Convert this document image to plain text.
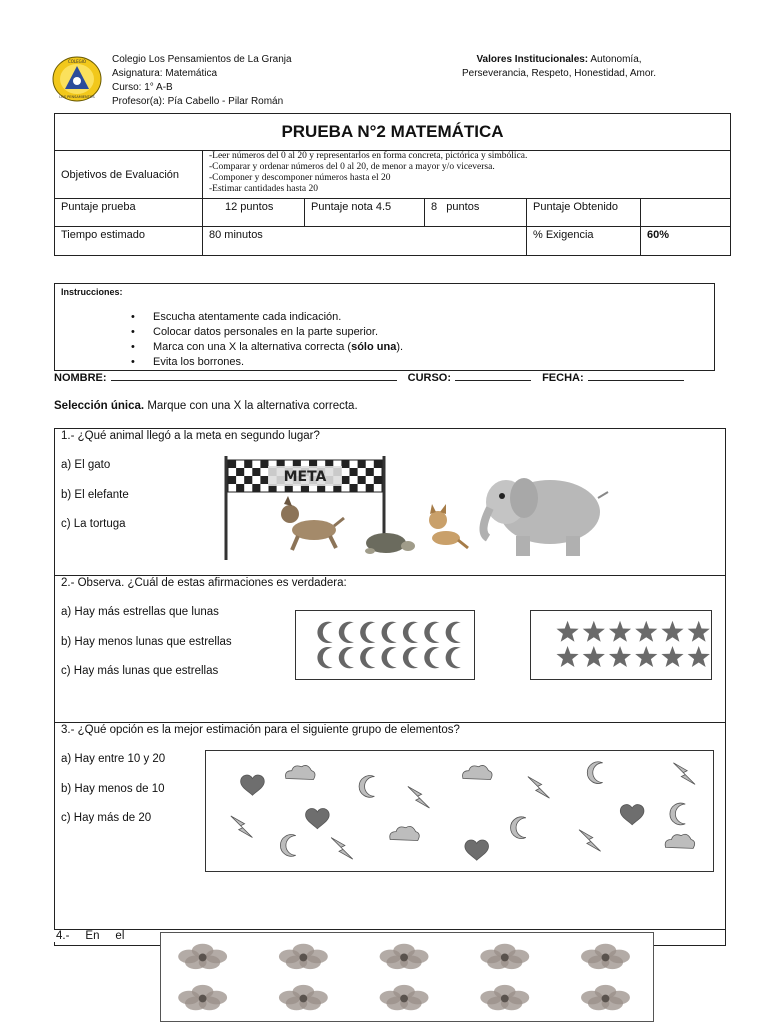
COLEGIO
LOS PENSAMIENTOS
Colegio Los Pensamientos de La Granja
Asignatura: Matemática
Curso: 1° A-B
Profesor(a): Pía Cabello - Pilar Román
Valores Institucionales: Autonomía,
Perseverancia, Respeto, Honestidad, Amor.
PRUEBA N°2 MATEMÁTICA					
Objetivos de Evaluación	-Leer números del 0 al 20 y representarlos en forma concreta, pictórica y simbólica.
-Comparar y ordenar números del 0 al 20, de menor a mayor y/o viceversa.
-Componer y descomponer números hasta el 20
-Estimar cantidades hasta 20				

Puntaje prueba	12 puntos	Puntaje nota 4.5	8   puntos	Puntaje Obtenido	
Tiempo estimado	80 minutos			% Exigencia	60%
Instrucciones:
• Escucha atentamente cada indicación.
• Colocar datos personales en la parte superior.
• Marca con una X la alternativa correcta (sólo una).
• Evita los borrones.
NOMBRE:	CURSO:	FECHA:
Selección única. Marque con una X la alternativa correcta.
1.- ¿Qué animal llegó a la meta en segundo lugar?
a) El gato
b) El elefante
c) La tortuga
META
2.- Observa. ¿Cuál de estas afirmaciones es verdadera:
a) Hay más estrellas que lunas
b) Hay menos lunas que estrellas
c) Hay más lunas que estrellas
3.- ¿Qué opción es la mejor estimación para el siguiente grupo de elementos?
a) Hay entre 10 y 20
b) Hay menos de 10
c) Hay más de 20
4.-     En     el
